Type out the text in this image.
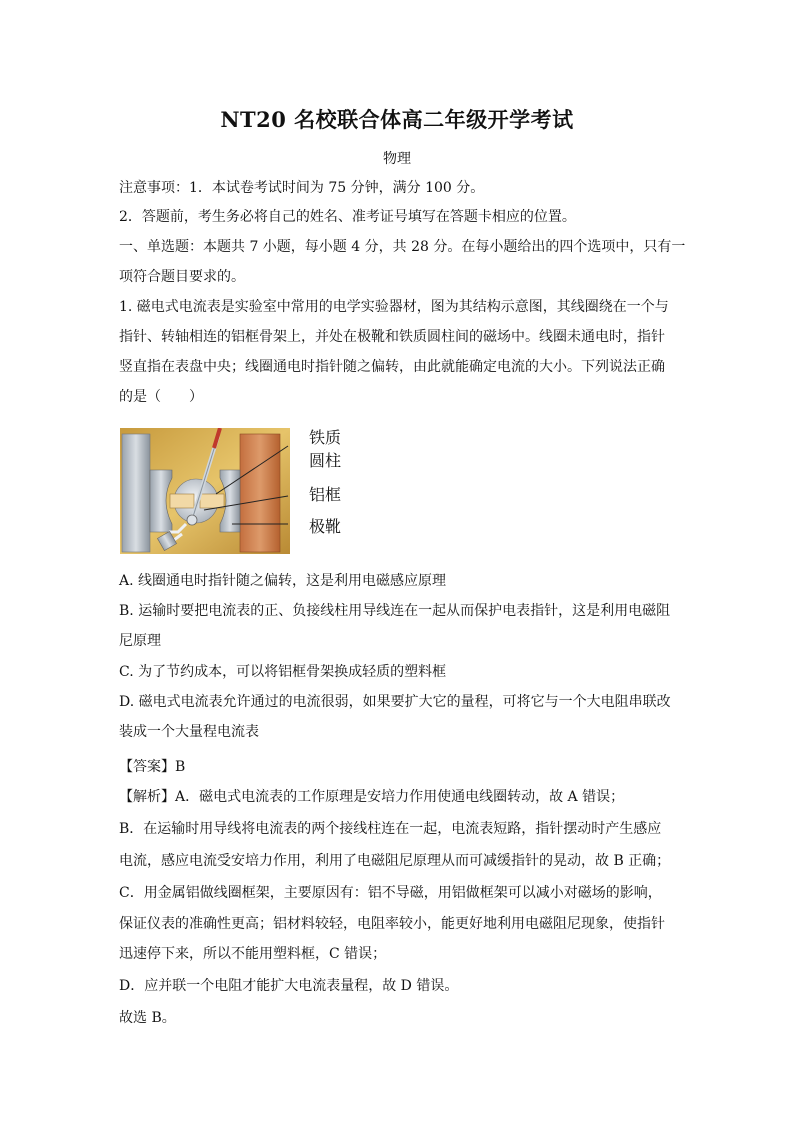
NT20 名校联合体高二年级开学考试
物理
注意事项：1．本试卷考试时间为 75 分钟，满分 100 分。
2．答题前，考生务必将自己的姓名、准考证号填写在答题卡相应的位置。
一、单选题：本题共 7 小题，每小题 4 分，共 28 分。在每小题给出的四个选项中，只有一
项符合题目要求的。
1. 磁电式电流表是实验室中常用的电学实验器材，图为其结构示意图，其线圈绕在一个与
指针、转轴相连的铝框骨架上，并处在极靴和铁质圆柱间的磁场中。线圈未通电时，指针
竖直指在表盘中央；线圈通电时指针随之偏转，由此就能确定电流的大小。下列说法正确
的是（　　）
铁质
圆柱
铝框
极靴
A. 线圈通电时指针随之偏转，这是利用电磁感应原理
B. 运输时要把电流表的正、负接线柱用导线连在一起从而保护电表指针，这是利用电磁阻
尼原理
C. 为了节约成本，可以将铝框骨架换成轻质的塑料框
D. 磁电式电流表允许通过的电流很弱，如果要扩大它的量程，可将它与一个大电阻串联改
装成一个大量程电流表
【答案】B
【解析】A．磁电式电流表的工作原理是安培力作用使通电线圈转动，故 A 错误；
B．在运输时用导线将电流表的两个接线柱连在一起，电流表短路，指针摆动时产生感应
电流，感应电流受安培力作用，利用了电磁阻尼原理从而可减缓指针的晃动，故 B 正确；
C．用金属铝做线圈框架，主要原因有：铝不导磁，用铝做框架可以减小对磁场的影响，
保证仪表的准确性更高；铝材料较轻，电阻率较小，能更好地利用电磁阻尼现象，使指针
迅速停下来，所以不能用塑料框，C 错误；
D．应并联一个电阻才能扩大电流表量程，故 D 错误。
故选 B。
